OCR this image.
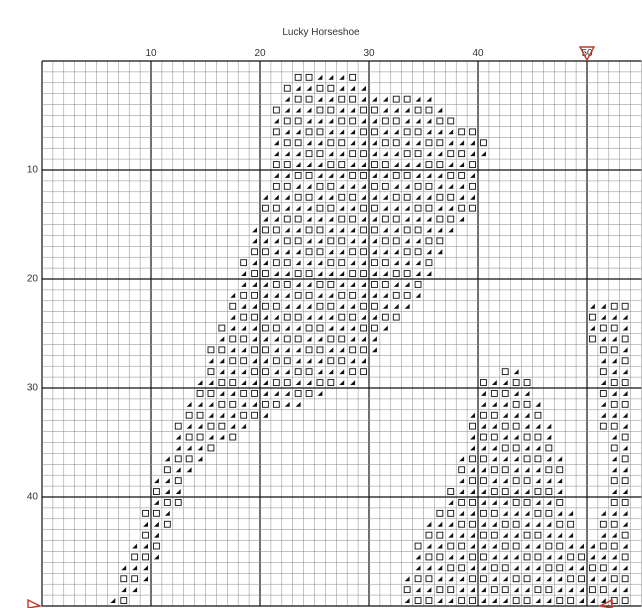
Lucky Horseshoe
10	20	30	40	50
10
20
30
40
